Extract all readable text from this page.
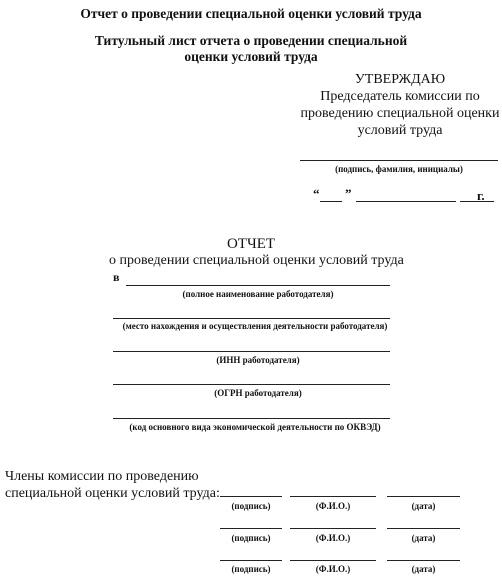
Отчет о проведении специальной оценки условий труда
Титульный лист отчета о проведении специальной
оценки условий труда
УТВЕРЖДАЮ
Председатель комиссии по
проведению специальной оценки
условий труда
(подпись, фамилия, инициалы)
“ ”	г.
ОТЧЕТ
о проведении специальной оценки условий труда
в
(полное наименование работодателя)
(место нахождения и осуществления деятельности работодателя)
(ИНН работодателя)
(ОГРН работодателя)
(код основного вида экономической деятельности по ОКВЭД)
Члены комиссии по проведению
специальной оценки условий труда:
(подпись)	(Ф.И.О.)	(дата)
(подпись)	(Ф.И.О.)	(дата)
(подпись)	(Ф.И.О.)	(дата)
